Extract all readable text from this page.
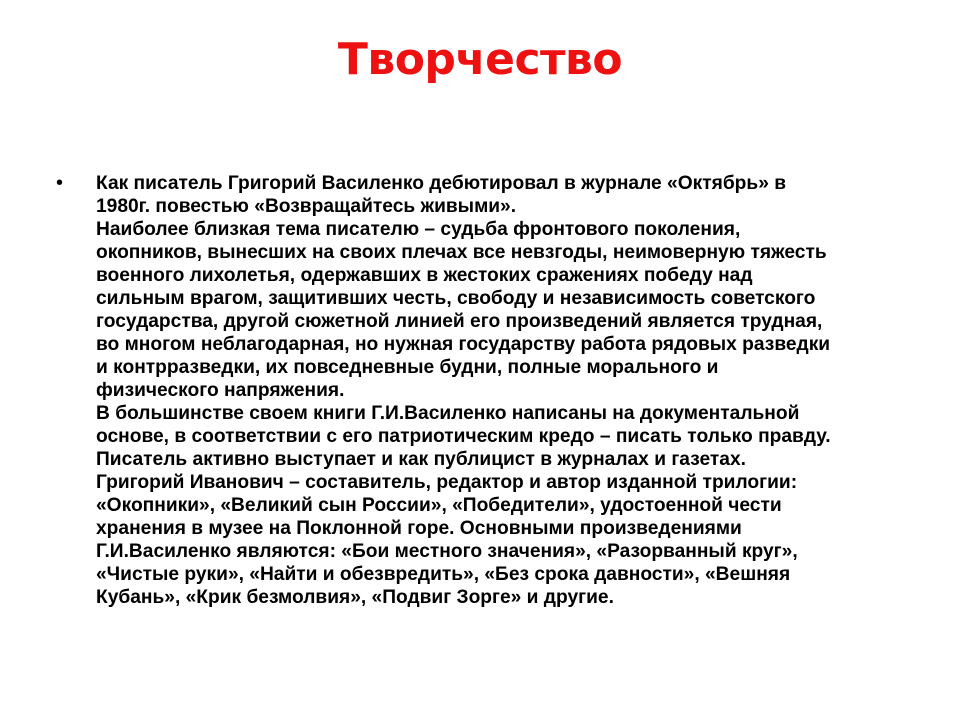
Творчество
• Как писатель Григорий Василенко дебютировал в журнале «Октябрь» в
1980г. повестью «Возвращайтесь живыми».
Наиболее близкая тема писателю – судьба фронтового поколения,
окопников, вынесших на своих плечах все невзгоды, неимоверную тяжесть
военного лихолетья, одержавших в жестоких сражениях победу над
сильным врагом, защитивших честь, свободу и независимость советского
государства, другой сюжетной линией его произведений является трудная,
во многом неблагодарная, но нужная государству работа рядовых разведки
и контрразведки, их повседневные будни, полные морального и
физического напряжения.
В большинстве своем книги Г.И.Василенко написаны на документальной
основе, в соответствии с его патриотическим кредо – писать только правду.
Писатель активно выступает и как публицист в журналах и газетах.
Григорий Иванович – составитель, редактор и автор изданной трилогии:
«Окопники», «Великий сын России», «Победители», удостоенной чести
хранения в музее на Поклонной горе. Основными произведениями
Г.И.Василенко являются: «Бои местного значения», «Разорванный круг»,
«Чистые руки», «Найти и обезвредить», «Без срока давности», «Вешняя
Кубань», «Крик безмолвия», «Подвиг Зорге» и другие.
